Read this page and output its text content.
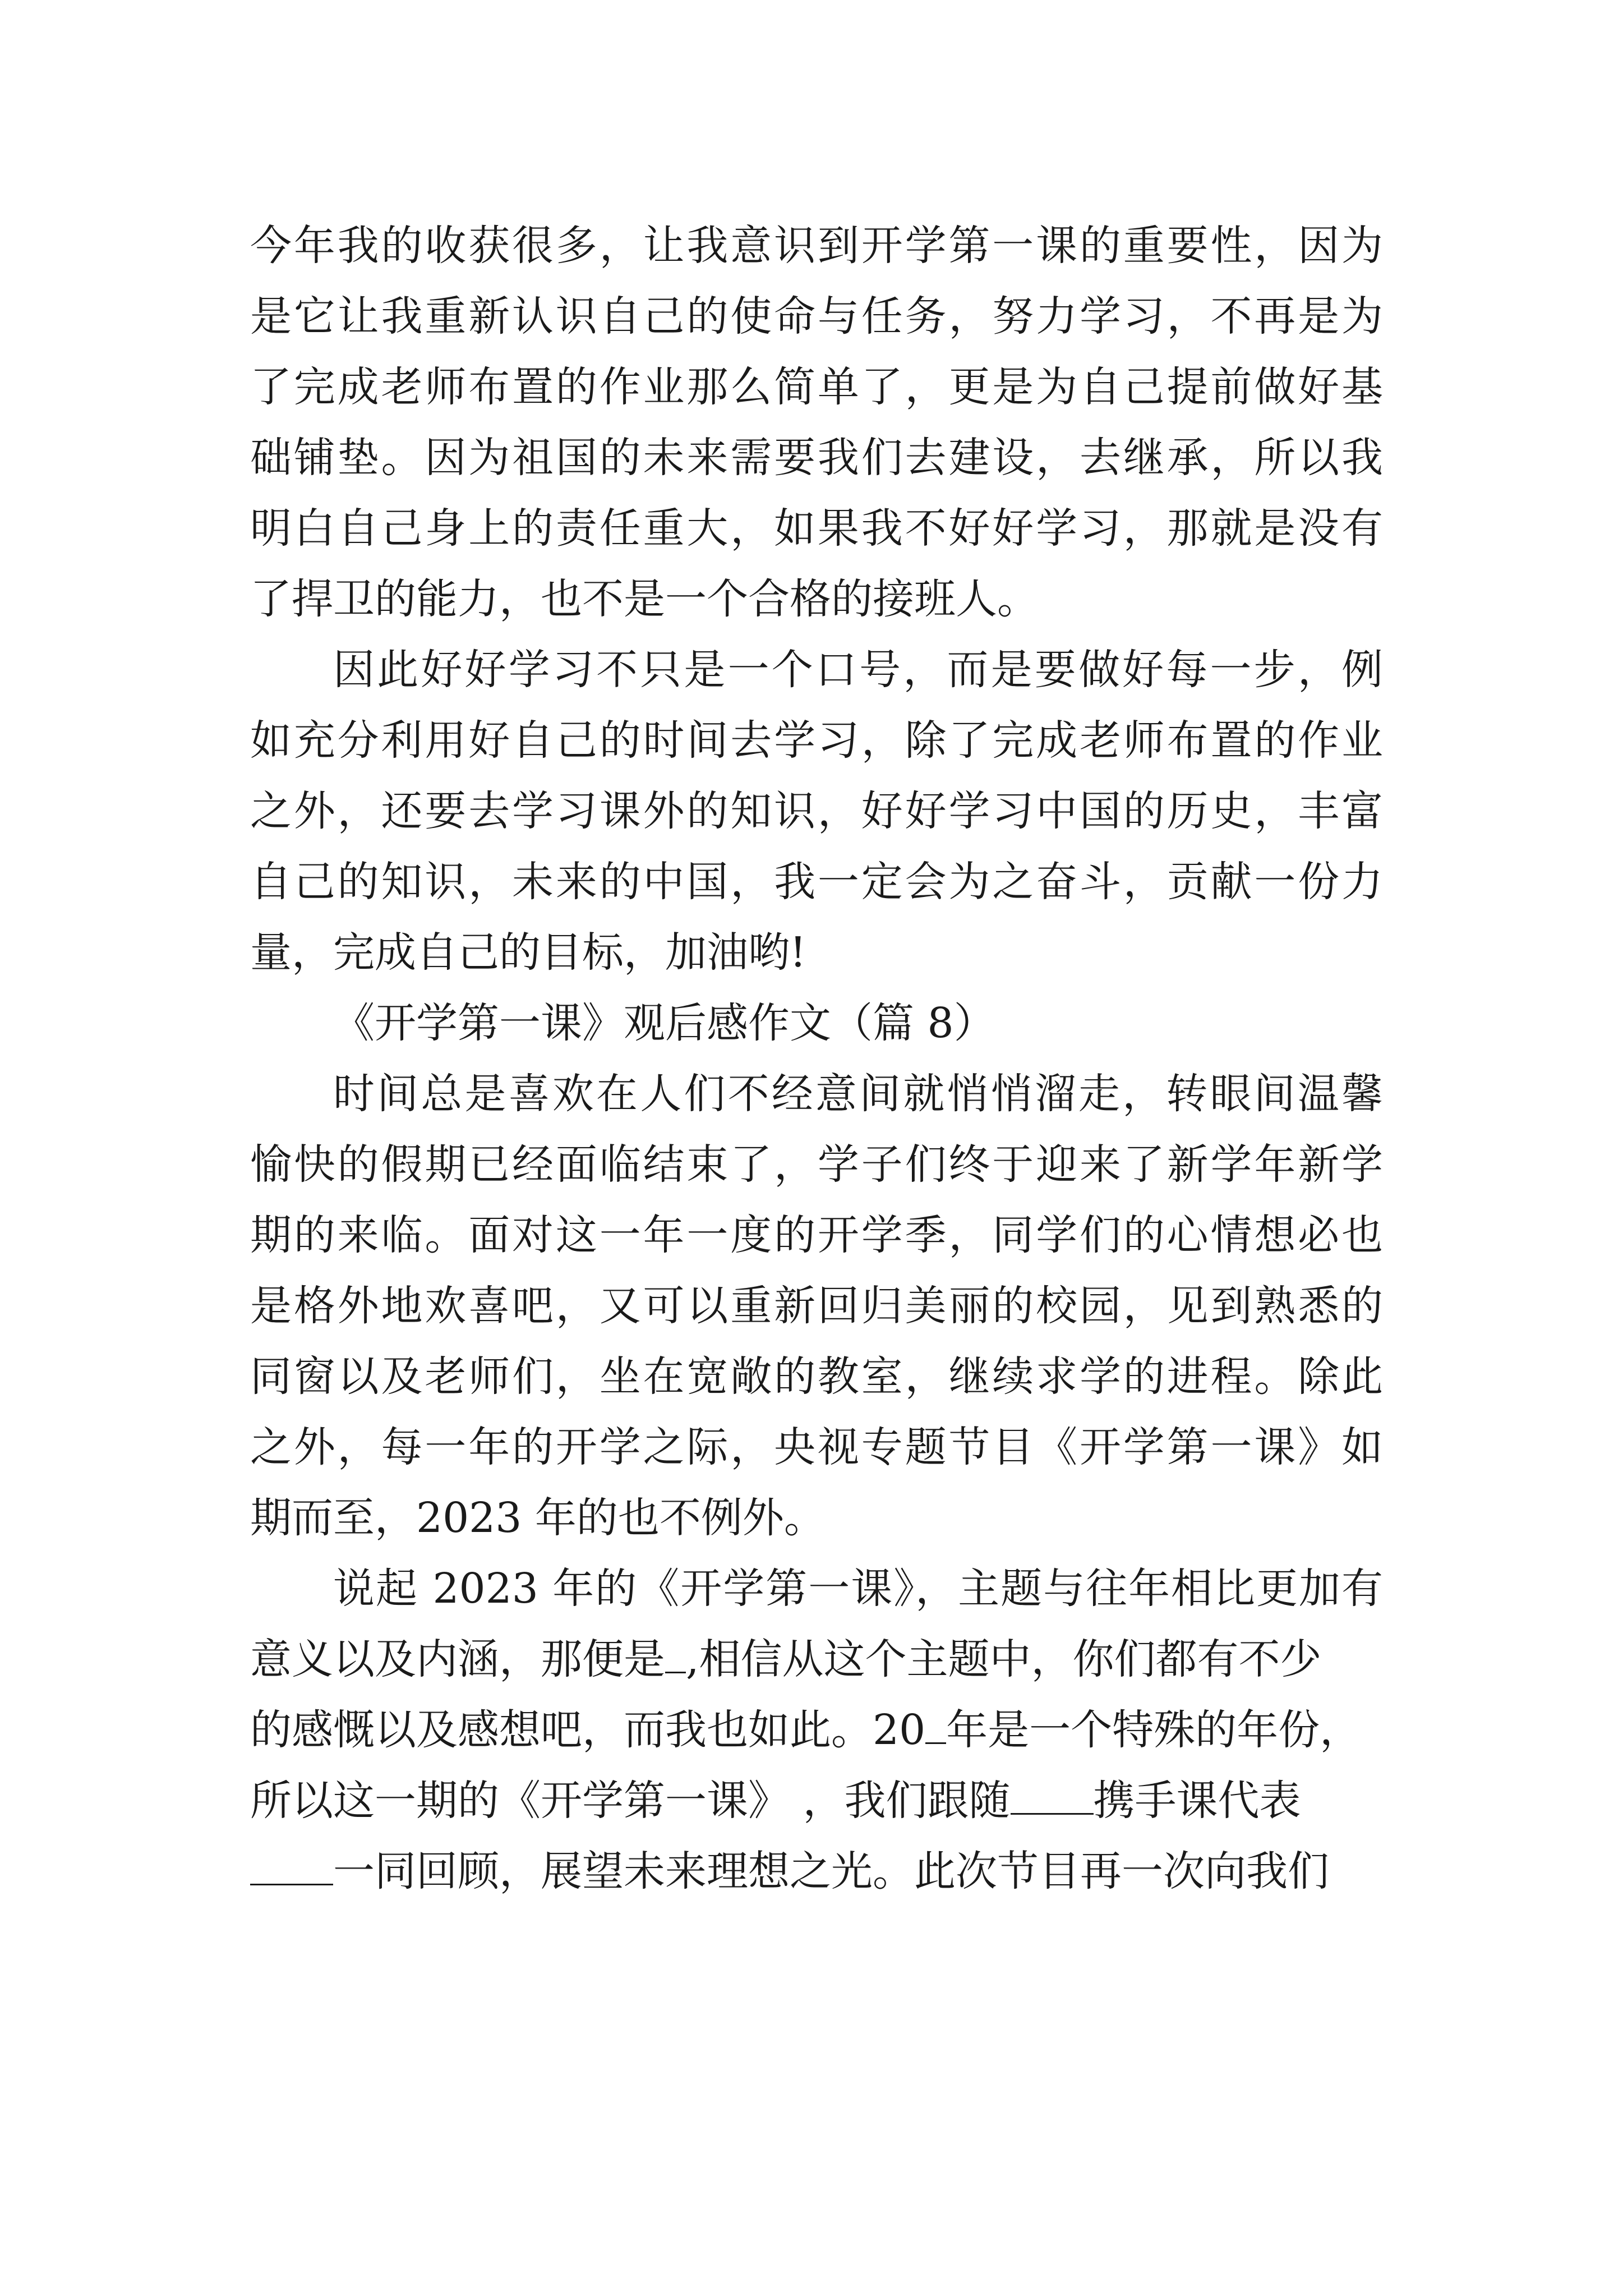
今年我的收获很多，让我意识到开学第一课的重要性，因为
是它让我重新认识自己的使命与任务，努力学习，不再是为
了完成老师布置的作业那么简单了，更是为自己提前做好基
础铺垫。因为祖国的未来需要我们去建设，去继承，所以我
明白自己身上的责任重大，如果我不好好学习，那就是没有
了捍卫的能力，也不是一个合格的接班人。
因此好好学习不只是一个口号，而是要做好每一步，例
如充分利用好自己的时间去学习，除了完成老师布置的作业
之外，还要去学习课外的知识，好好学习中国的历史，丰富
自己的知识，未来的中国，我一定会为之奋斗，贡献一份力
量，完成自己的目标，加油哟!
《开学第一课》观后感作文（篇 8）
时间总是喜欢在人们不经意间就悄悄溜走，转眼间温馨
愉快的假期已经面临结束了，学子们终于迎来了新学年新学
期的来临。面对这一年一度的开学季，同学们的心情想必也
是格外地欢喜吧，又可以重新回归美丽的校园，见到熟悉的
同窗以及老师们，坐在宽敞的教室，继续求学的进程。除此
之外，每一年的开学之际，央视专题节目《开学第一课》如
期而至，2023 年的也不例外。
说起 2023 年的《开学第一课》，主题与往年相比更加有
意义以及内涵，那便是 ,相信从这个主题中，你们都有不少
的感慨以及感想吧，而我也如此。20 年是一个特殊的年份，
所以这一期的《开学第一课》 ，我们跟随 携手课代表
一同回顾，展望未来理想之光。此次节目再一次向我们
